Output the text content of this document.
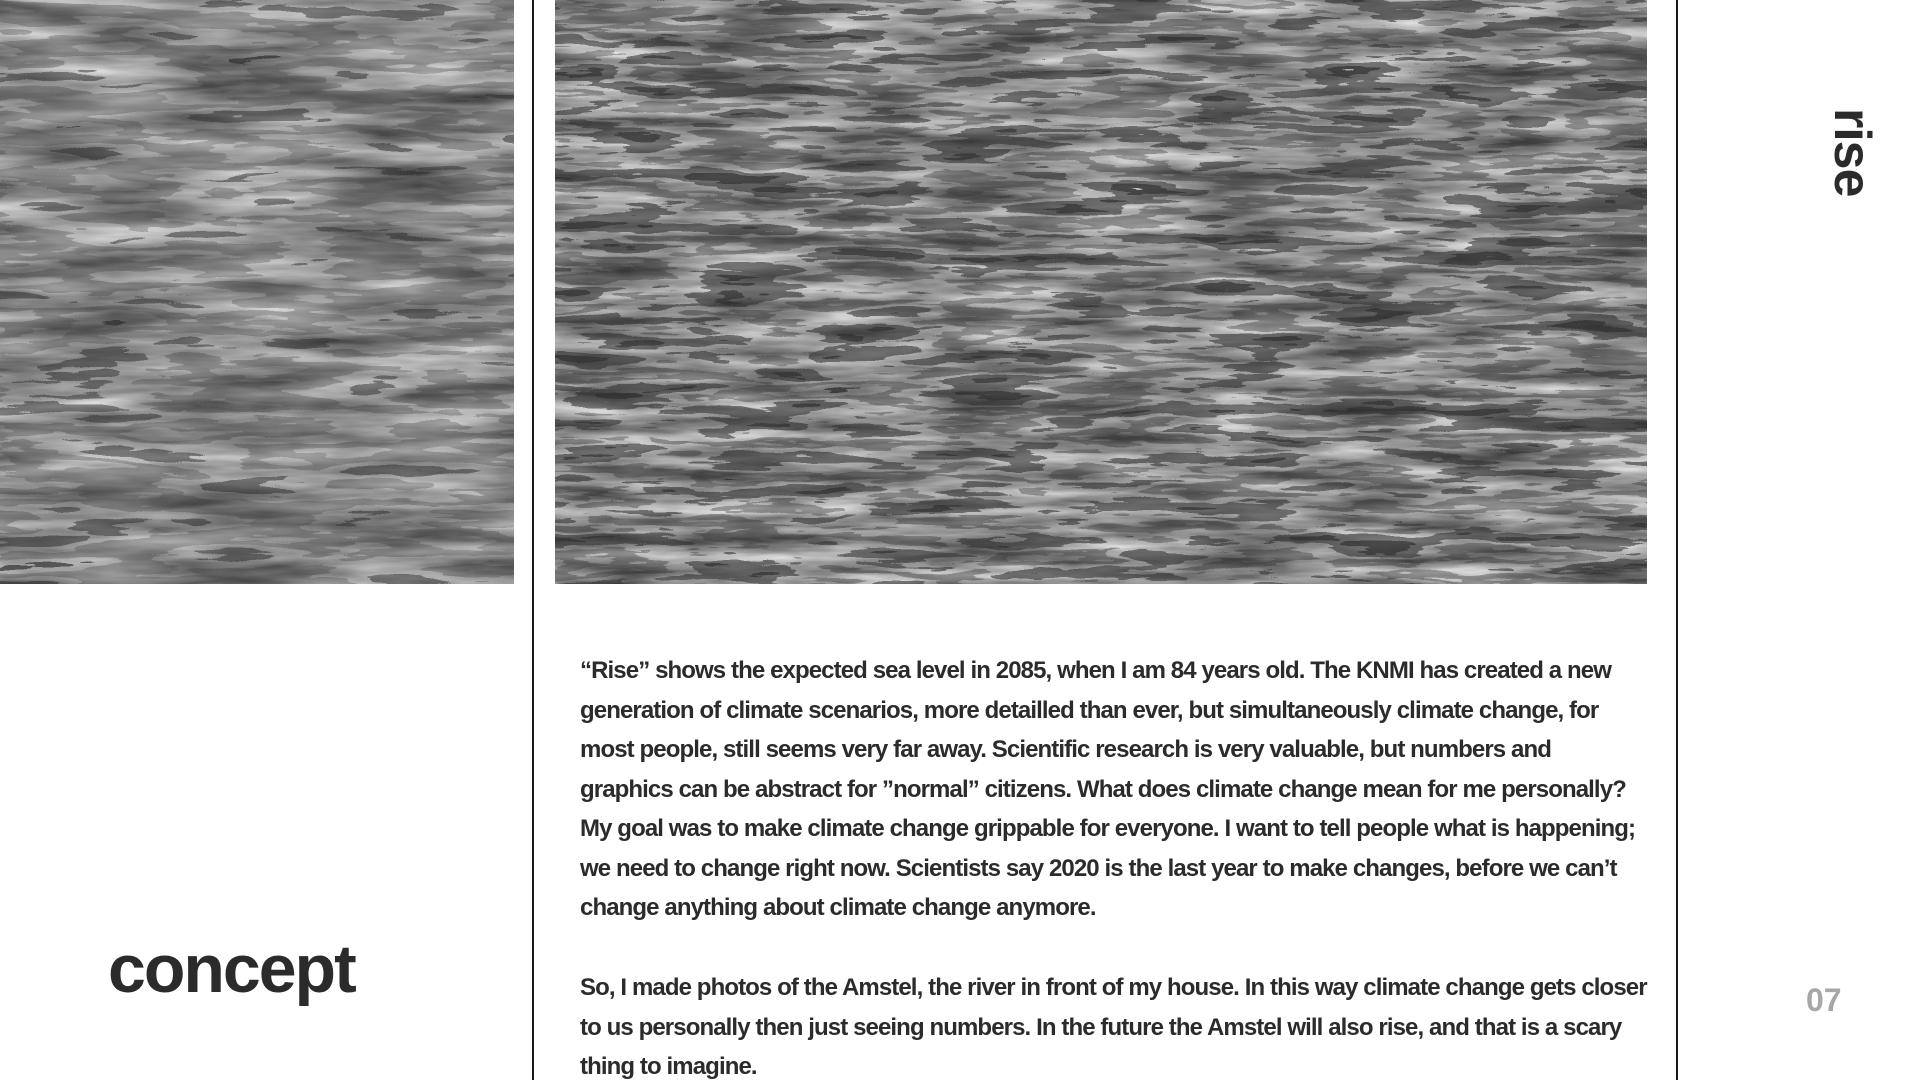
concept

“Rise” shows the expected sea level in 2085, when I am 84 years old. The KNMI has created a new generation of climate scenarios, more detailled than ever, but simultaneously climate change, for most people, still seems very far away. Scientific research is very valuable, but numbers and graphics can be abstract for ”normal” citizens. What does climate change mean for me personally? My goal was to make climate change grippable for everyone. I want to tell people what is happening; we need to change right now. Scientists say 2020 is the last year to make changes, before we can’t change anything about climate change anymore.

So, I made photos of the Amstel, the river in front of my house. In this way climate change gets closer to us personally then just seeing numbers. In the future the Amstel will also rise, and that is a scary thing to imagine.

rise
07
